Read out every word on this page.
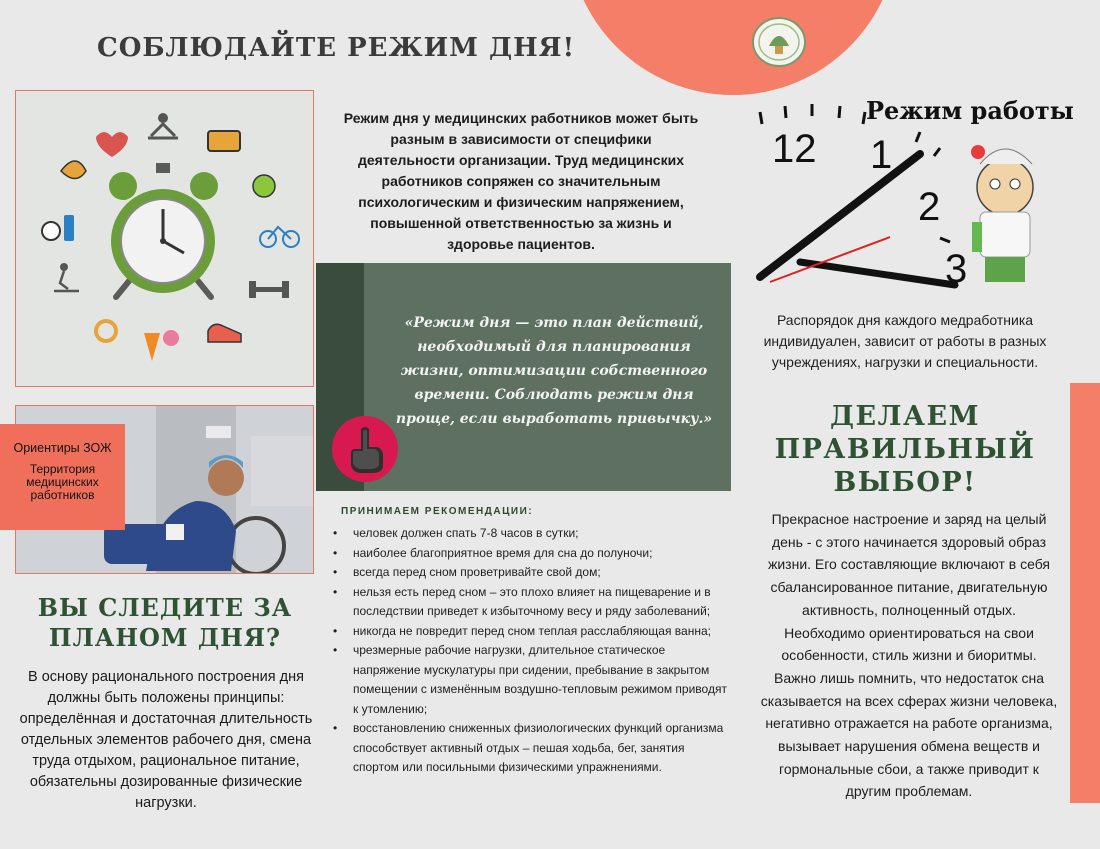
СОБЛЮДАЙТЕ РЕЖИМ ДНЯ!
Ориентиры ЗОЖ
Территория медицинских работников
ВЫ СЛЕДИТЕ ЗА ПЛАНОМ ДНЯ?
В основу рационального построения дня должны быть положены принципы: определённая и достаточная длительность отдельных элементов рабочего дня, смена труда отдыхом, рациональное питание, обязательны дозированные физические нагрузки.
Режим дня у медицинских работников может быть разным в зависимости от специфики деятельности организации. Труд медицинских работников сопряжен со значительным психологическим и физическим напряжением, повышенной ответственностью за жизнь и здоровье пациентов.
«Режим дня — это план действий, необходимый для планирования жизни, оптимизации собственного времени. Соблюдать режим дня проще, если выработать привычку.»
ПРИНИМАЕМ РЕКОМЕНДАЦИИ:
• человек должен спать 7-8 часов в сутки;
• наиболее благоприятное время для сна до полуночи;
• всегда перед сном проветривайте свой дом;
• нельзя есть перед сном – это плохо влияет на пищеварение и в последствии приведет к избыточному весу и ряду заболеваний;
• никогда не повредит перед сном теплая расслабляющая ванна;
• чрезмерные рабочие нагрузки, длительное статическое напряжение мускулатуры при сидении, пребывание в закрытом помещении с изменённым воздушно-тепловым режимом приводят к утомлению;
• восстановлению сниженных физиологических функций организма способствует активный отдых – пешая ходьба, бег, занятия спортом или посильными физическими упражнениями.
12 1
2
3
Режим работы
Распорядок дня каждого медработника индивидуален, зависит от работы в разных учреждениях, нагрузки и специальности.
ДЕЛАЕМ ПРАВИЛЬНЫЙ ВЫБОР!
Прекрасное настроение и заряд на целый день - с этого начинается здоровый образ жизни. Его составляющие включают в себя сбалансированное питание, двигательную активность, полноценный отдых. Необходимо ориентироваться на свои особенности, стиль жизни и биоритмы. Важно лишь помнить, что недостаток сна сказывается на всех сферах жизни человека, негативно отражается на работе организма, вызывает нарушения обмена веществ и гормональные сбои, а также приводит к другим проблемам.
